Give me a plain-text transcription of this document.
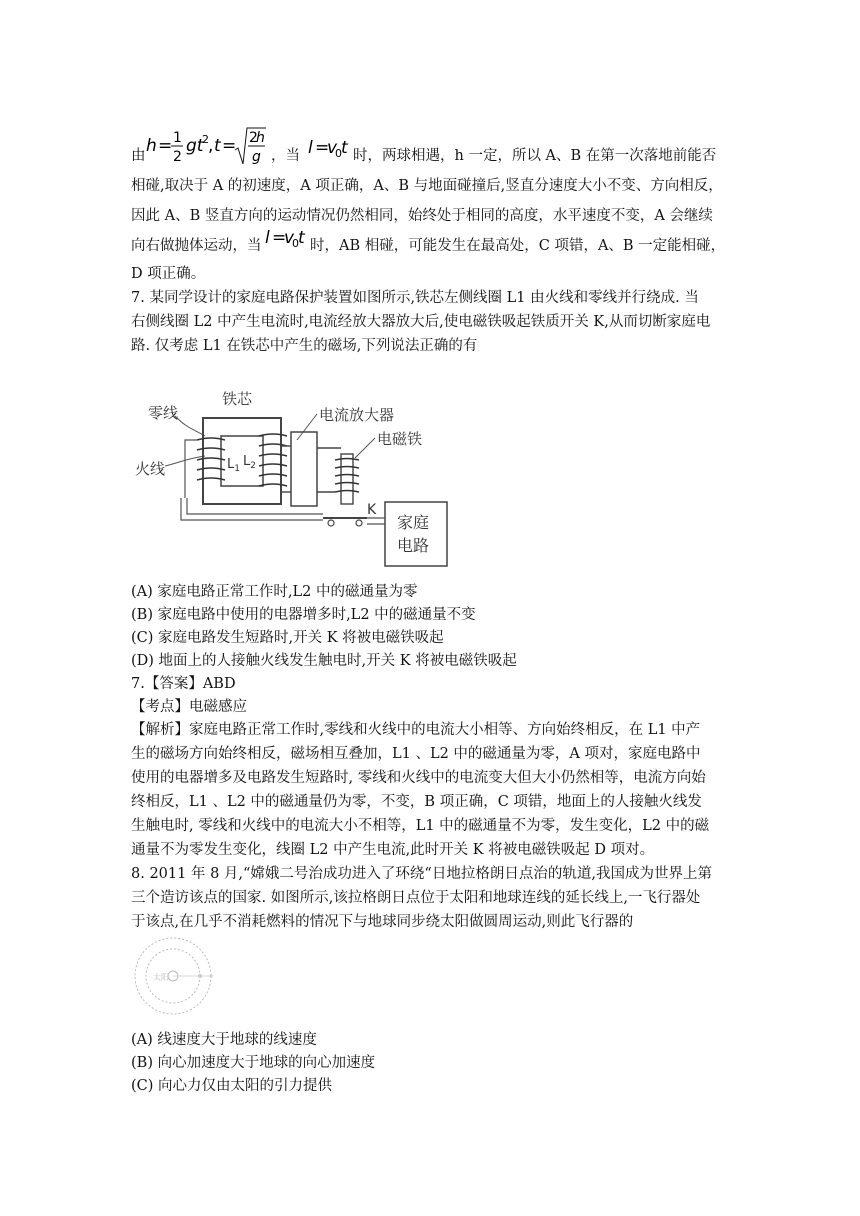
h = 1
2
gt
2 , t = 2
h
g
由	，当 l =
v
0 t 时，两球相遇，h 一定，所以 A、B 在第一次落地前能否
相碰,取决于 A 的初速度，A 项正确，A、B 与地面碰撞后,竖直分速度大小不变、方向相反，
因此 A、B 竖直方向的运动情况仍然相同，始终处于相同的高度，水平速度不变，A 会继续
向右做抛体运动，当 l =
v
0 t 时，AB 相碰，可能发生在最高处，C 项错，A、B 一定能相碰，
D 项正确。
7. 某同学设计的家庭电路保护装置如图所示,铁芯左侧线圈 L1 由火线和零线并行绕成. 当
右侧线圈 L2 中产生电流时,电流经放大器放大后,使电磁铁吸起铁质开关 K,从而切断家庭电
路. 仅考虑 L1 在铁芯中产生的磁场,下列说法正确的有
零线
火线
铁芯
电流放大器
电磁铁
K
家庭
电路
$L_1$ $L_2$
(A) 家庭电路正常工作时,L2 中的磁通量为零
(B) 家庭电路中使用的电器增多时,L2 中的磁通量不变
(C) 家庭电路发生短路时,开关 K 将被电磁铁吸起
(D) 地面上的人接触火线发生触电时,开关 K 将被电磁铁吸起
7.【答案】ABD
【考点】电磁感应
【解析】家庭电路正常工作时,零线和火线中的电流大小相等、方向始终相反，在 L1 中产
生的磁场方向始终相反，磁场相互叠加，L1 、L2 中的磁通量为零，A 项对，家庭电路中
使用的电器增多及电路发生短路时, 零线和火线中的电流变大但大小仍然相等，电流方向始
终相反，L1 、L2 中的磁通量仍为零，不变，B 项正确，C 项错，地面上的人接触火线发
生触电时, 零线和火线中的电流大小不相等，L1 中的磁通量不为零，发生变化，L2 中的磁
通量不为零发生变化，线圈 L2 中产生电流,此时开关 K 将被电磁铁吸起 D 项对。
8. 2011 年 8 月,“嫦娥二号治成功进入了环绕“日地拉格朗日点治的轨道,我国成为世界上第
三个造访该点的国家. 如图所示,该拉格朗日点位于太阳和地球连线的延长线上,一飞行器处
于该点,在几乎不消耗燃料的情况下与地球同步绕太阳做圆周运动,则此飞行器的
太阳
(A) 线速度大于地球的线速度
(B) 向心加速度大于地球的向心加速度
(C) 向心力仅由太阳的引力提供
